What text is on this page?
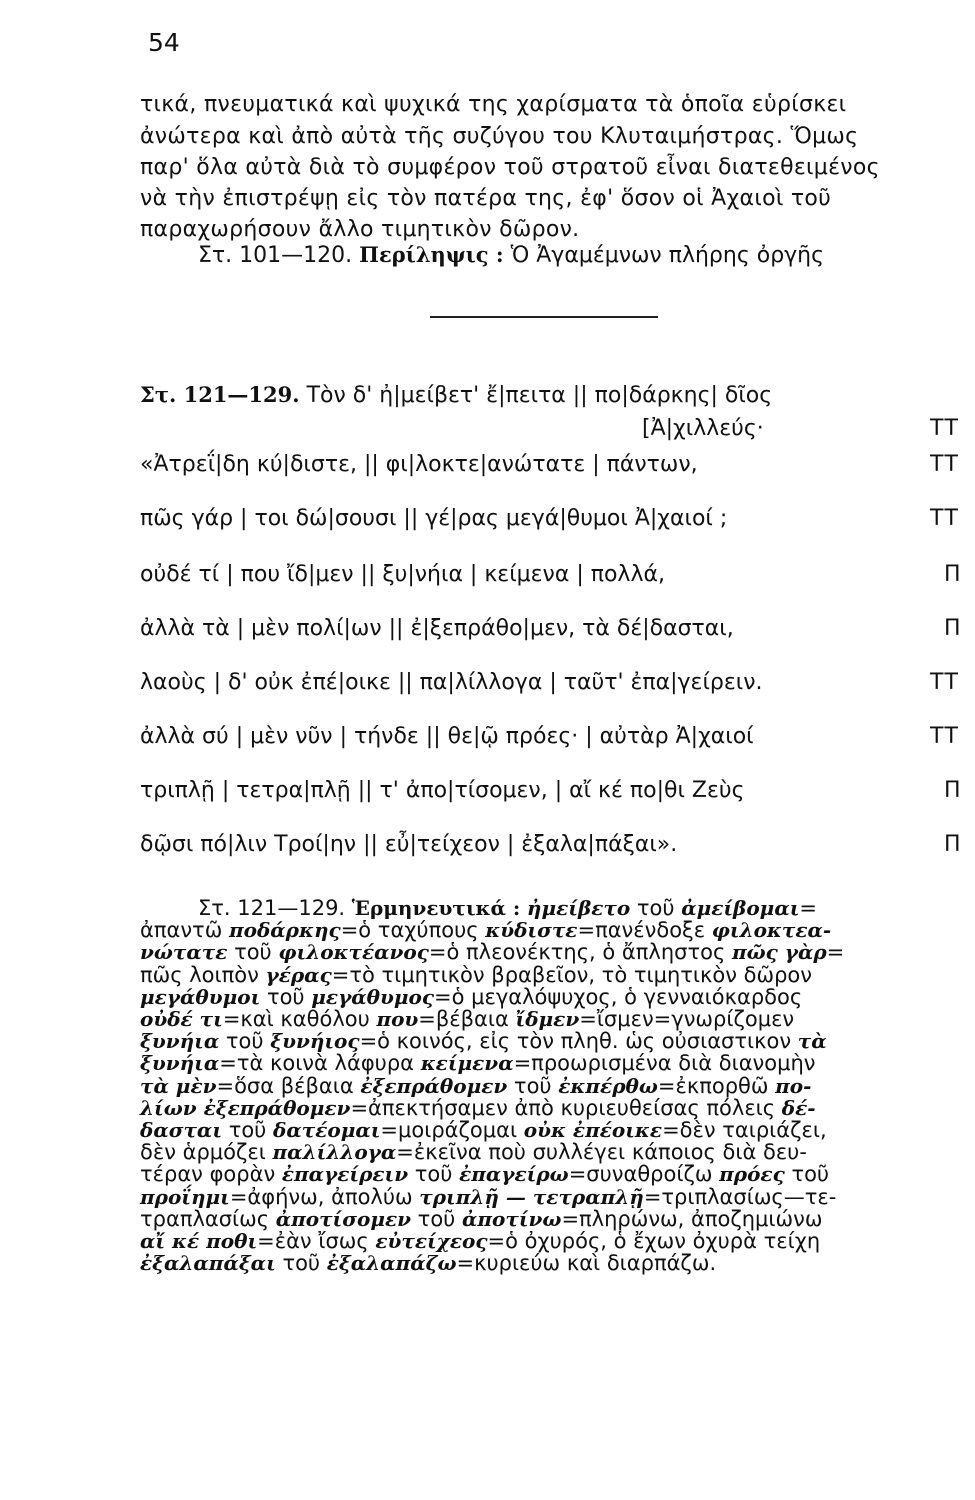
54
τικά, πνευματικά καὶ ψυχικά της χαρίσματα τὰ ὁποῖα εὑρίσκει
ἀνώτερα καὶ ἀπὸ αὐτὰ τῆς συζύγου του Κλυταιμήστρας. Ὅμως
παρ' ὅλα αὐτὰ διὰ τὸ συμφέρον τοῦ στρατοῦ εἶναι διατεθειμένος
νὰ τὴν ἐπιστρέψῃ εἰς τὸν πατέρα της, ἐφ' ὅσον οἱ Ἀχαιοὶ τοῦ
παραχωρήσουν ἄλλο τιμητικὸν δῶρον.
Στ. 101—120. Περίληψις : Ὁ Ἀγαμέμνων πλήρης ὀργῆς
Στ. 121—129. Τὸν δ' ἠ|μείβετ' ἔ|πειτα || πο|δάρκης| δῖος
[Ἀ|χιλλεύς·	ΤΤ
«Ἀτρεΐ|δη κύ|διστε, || φι|λοκτε|ανώτατε | πάντων,	ΤΤ
πῶς γάρ | τοι δώ|σουσι || γέ|ρας μεγά|θυμοι Ἀ|χαιοί ;	ΤΤ
οὐδέ τί | που ἴδ|μεν || ξυ|νήια | κείμενα | πολλά,	Π
ἀλλὰ τὰ | μὲν πολί|ων || ἐ|ξεπράθο|μεν, τὰ δέ|δασται,	Π
λαοὺς | δ' οὐκ ἐπέ|οικε || πα|λίλλογα | ταῦτ' ἐπα|γείρειν.	ΤΤ
ἀλλὰ σύ | μὲν νῦν | τήνδε || θε|ῷ πρόες· | αὐτὰρ Ἀ|χαιοί	ΤΤ
τριπλῇ | τετρα|πλῇ || τ' ἀπο|τίσομεν, | αἴ κέ πο|θι Ζεὺς	Π
δῷσι πό|λιν Τροί|ην || εὖ|τείχεον | ἐξαλα|πάξαι».	Π
Στ. 121—129. Ἑρμηνευτικά : ἠμείβετο τοῦ ἀμείβομαι=
ἀπαντῶ ποδάρκης=ὁ ταχύπους κύδιστε=πανένδοξε φιλοκτεα-
νώτατε τοῦ φιλοκτέανος=ὁ πλεονέκτης, ὁ ἄπληστος πῶς γὰρ=
πῶς λοιπὸν γέρας=τὸ τιμητικὸν βραβεῖον, τὸ τιμητικὸν δῶρον
μεγάθυμοι τοῦ μεγάθυμος=ὁ μεγαλόψυχος, ὁ γενναιόκαρδος
οὐδέ τι=καὶ καθόλου που=βέβαια ἴδμεν=ἴσμεν=γνωρίζομεν
ξυνήια τοῦ ξυνήιος=ὁ κοινός, εἰς τὸν πληθ. ὡς οὐσιαστικον τὰ
ξυνήια=τὰ κοινὰ λάφυρα κείμενα=προωρισμένα διὰ διανομὴν
τὰ μὲν=ὅσα βέβαια ἐξεπράθομεν τοῦ ἐκπέρθω=ἐκπορθῶ πο-
λίων ἐξεπράθομεν=ἀπεκτήσαμεν ἀπὸ κυριευθείσας πόλεις δέ-
δασται τοῦ δατέομαι=μοιράζομαι οὐκ ἐπέοικε=δὲν ταιριάζει,
δὲν ἁρμόζει παλίλλογα=ἐκεῖνα ποὺ συλλέγει κάποιος διὰ δευ-
τέραν φορὰν ἐπαγείρειν τοῦ ἐπαγείρω=συναθροίζω πρόες τοῦ
προΐημι=ἀφήνω, ἀπολύω τριπλῇ — τετραπλῇ=τριπλασίως—τε-
τραπλασίως ἀποτίσομεν τοῦ ἀποτίνω=πληρώνω, ἀποζημιώνω
αἴ κέ ποθι=ἐὰν ἴσως εὐτείχεος=ὁ ὀχυρός, ὁ ἔχων ὀχυρὰ τείχη
ἐξαλαπάξαι τοῦ ἐξαλαπάζω=κυριεύω καὶ διαρπάζω.
